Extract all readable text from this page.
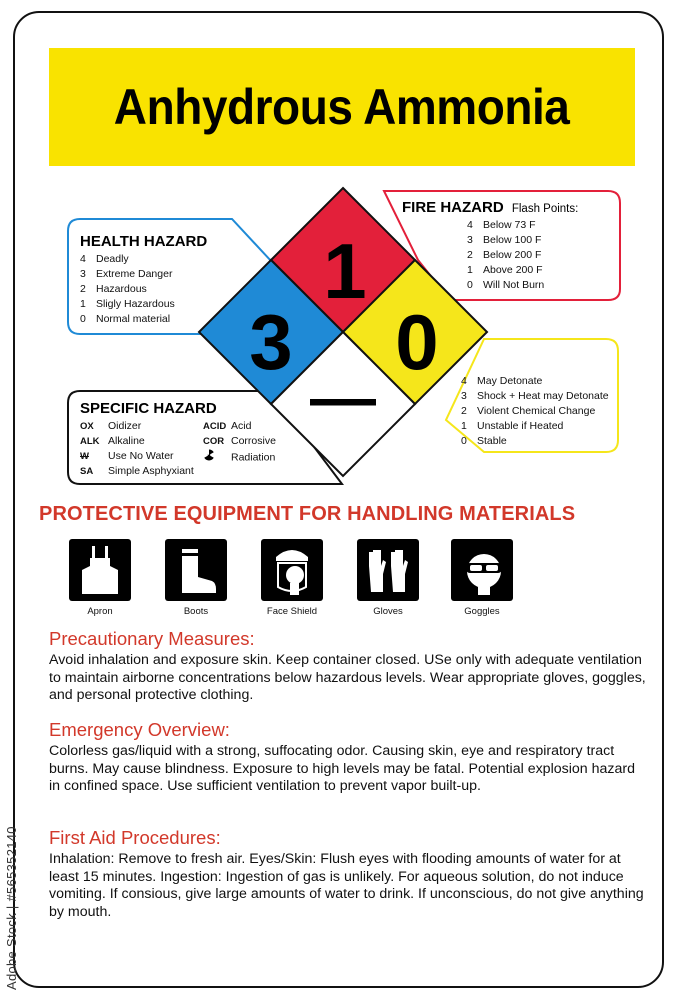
Anhydrous Ammonia
1
3 0
—
HEALTH HAZARD
4 Deadly
3 Extreme Danger
2 Hazardous
1 Sligly Hazardous
0 Normal material
FIRE HAZARD Flash Points:
4 Below 73 F
3 Below 100 F
2 Below 200 F
1 Above 200 F
0 Will Not Burn
4 May Detonate
3 Shock + Heat may Detonate
2 Violent Chemical Change
1 Unstable if Heated
0 Stable
SPECIFIC HAZARD
OX Oidizer
ALK Alkaline
W Use No Water
SA Simple Asphyxiant
ACID Acid
COR Corrosive
Radiation
PROTECTIVE EQUIPMENT FOR HANDLING MATERIALS
Apron	Boots	Face Shield	Gloves	Goggles
Precautionary Measures:

Avoid inhalation and exposure skin. Keep container closed. USe only with adequate ventilation to maintain airborne concentrations below hazardous levels. Wear appropriate gloves, goggles, and personal protective clothing.

Emergency Overview:

Colorless gas/liquid with a strong, suffocating odor. Causing skin, eye and respiratory tract burns. May cause blindness. Exposure to high levels may be fatal. Potential explosion hazard in confined space. Use sufficient ventilation to prevent vapor built-up.

First Aid Procedures:

Inhalation: Remove to fresh air. Eyes/Skin: Flush eyes with flooding amounts of water for at least 15 minutes. Ingestion: Ingestion of gas is unlikely. For aqueous solution, do not induce vomiting. If consious, give large amounts of water to drink. If unconscious, do not give anything by mouth.

Adobe Stock | #565352140
